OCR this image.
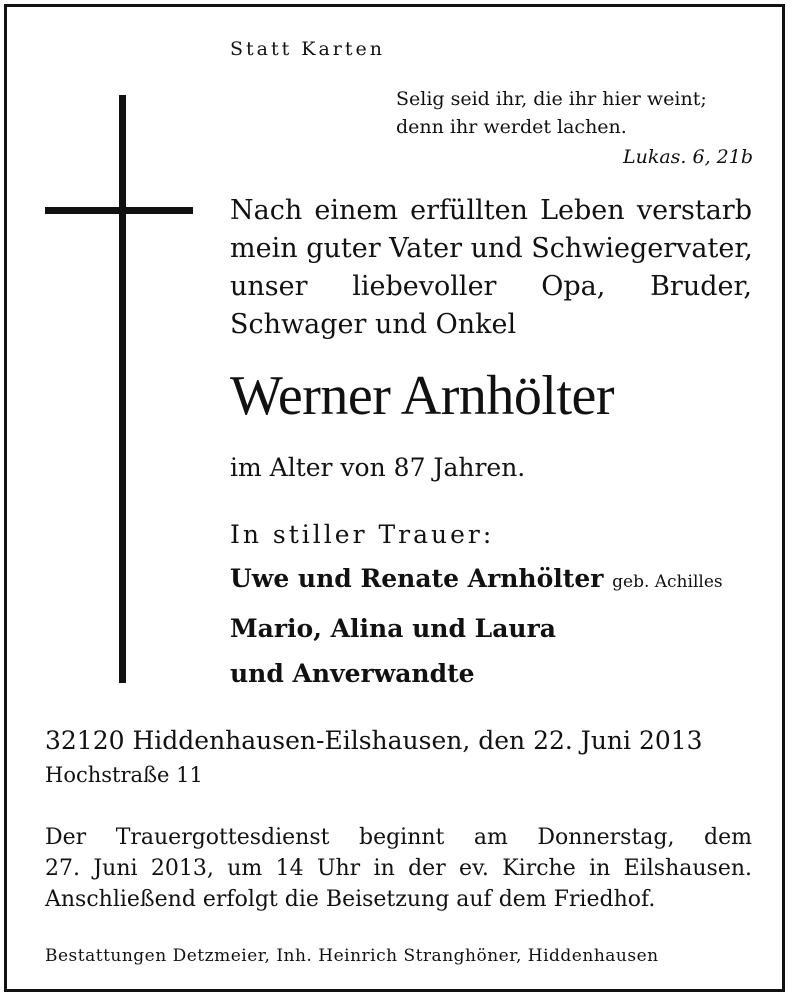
Statt Karten
Selig seid ihr, die ihr hier weint;
denn ihr werdet lachen.
Lukas. 6, 21b
Nach einem erfüllten Leben verstarb
mein guter Vater und Schwiegervater,
unser liebevoller Opa, Bruder,
Schwager und Onkel
Werner Arnhölter
im Alter von 87 Jahren.
In stiller Trauer:
Uwe und Renate Arnhölter geb. Achilles
Mario, Alina und Laura
und Anverwandte
32120 Hiddenhausen-Eilshausen, den 22. Juni 2013
Hochstraße 11
Der Trauergottesdienst beginnt am Donnerstag, dem
27. Juni 2013, um 14 Uhr in der ev. Kirche in Eilshausen.
Anschließend erfolgt die Beisetzung auf dem Friedhof.
Bestattungen Detzmeier, Inh. Heinrich Stranghöner, Hiddenhausen
